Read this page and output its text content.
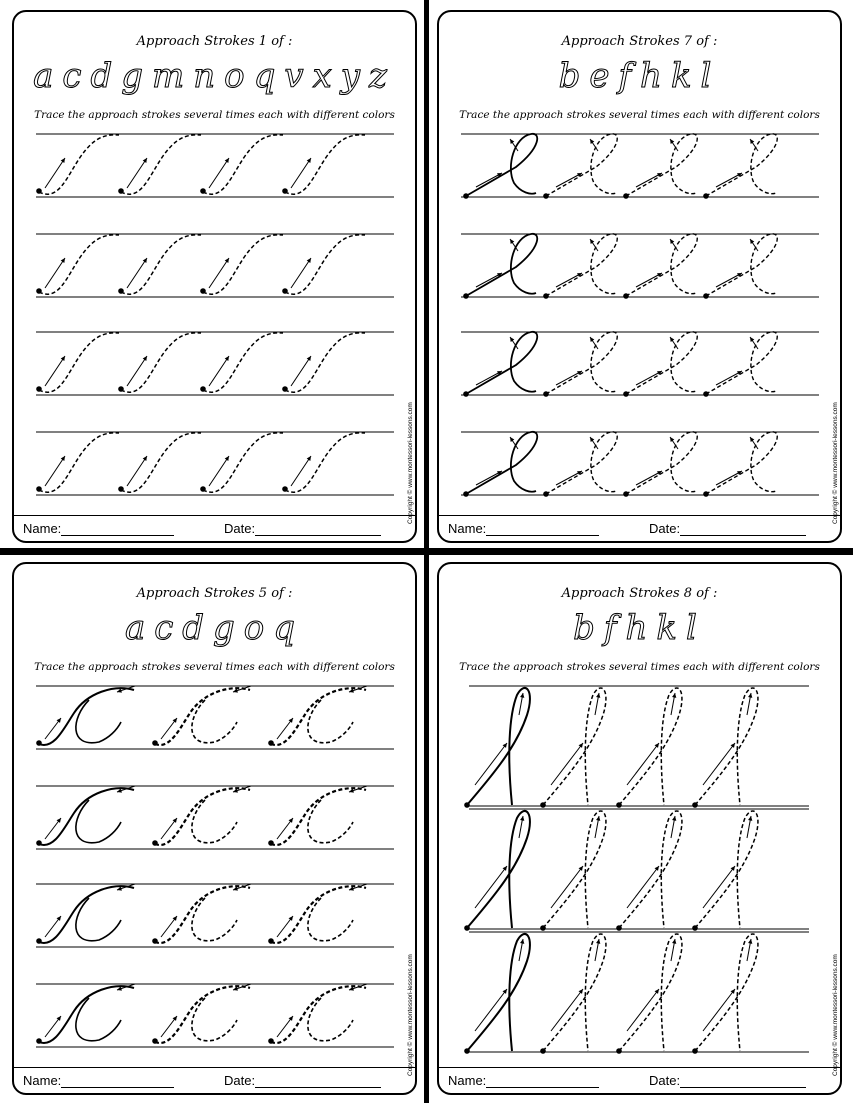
Approach Strokes 1 of :
acdgmnoqvxyz
Trace the approach strokes several times each with different colors
Copyright © www.montessori-lessons.com
Name:	Date:
Approach Strokes 7 of :
befhkl
Trace the approach strokes several times each with different colors
Copyright © www.montessori-lessons.com
Name:	Date:
Approach Strokes 5 of :
acdgoq
Trace the approach strokes several times each with different colors
Copyright © www.montessori-lessons.com
Name:	Date:
Approach Strokes 8 of :
bfhkl
Trace the approach strokes several times each with different colors
Copyright © www.montessori-lessons.com
Name:	Date:
